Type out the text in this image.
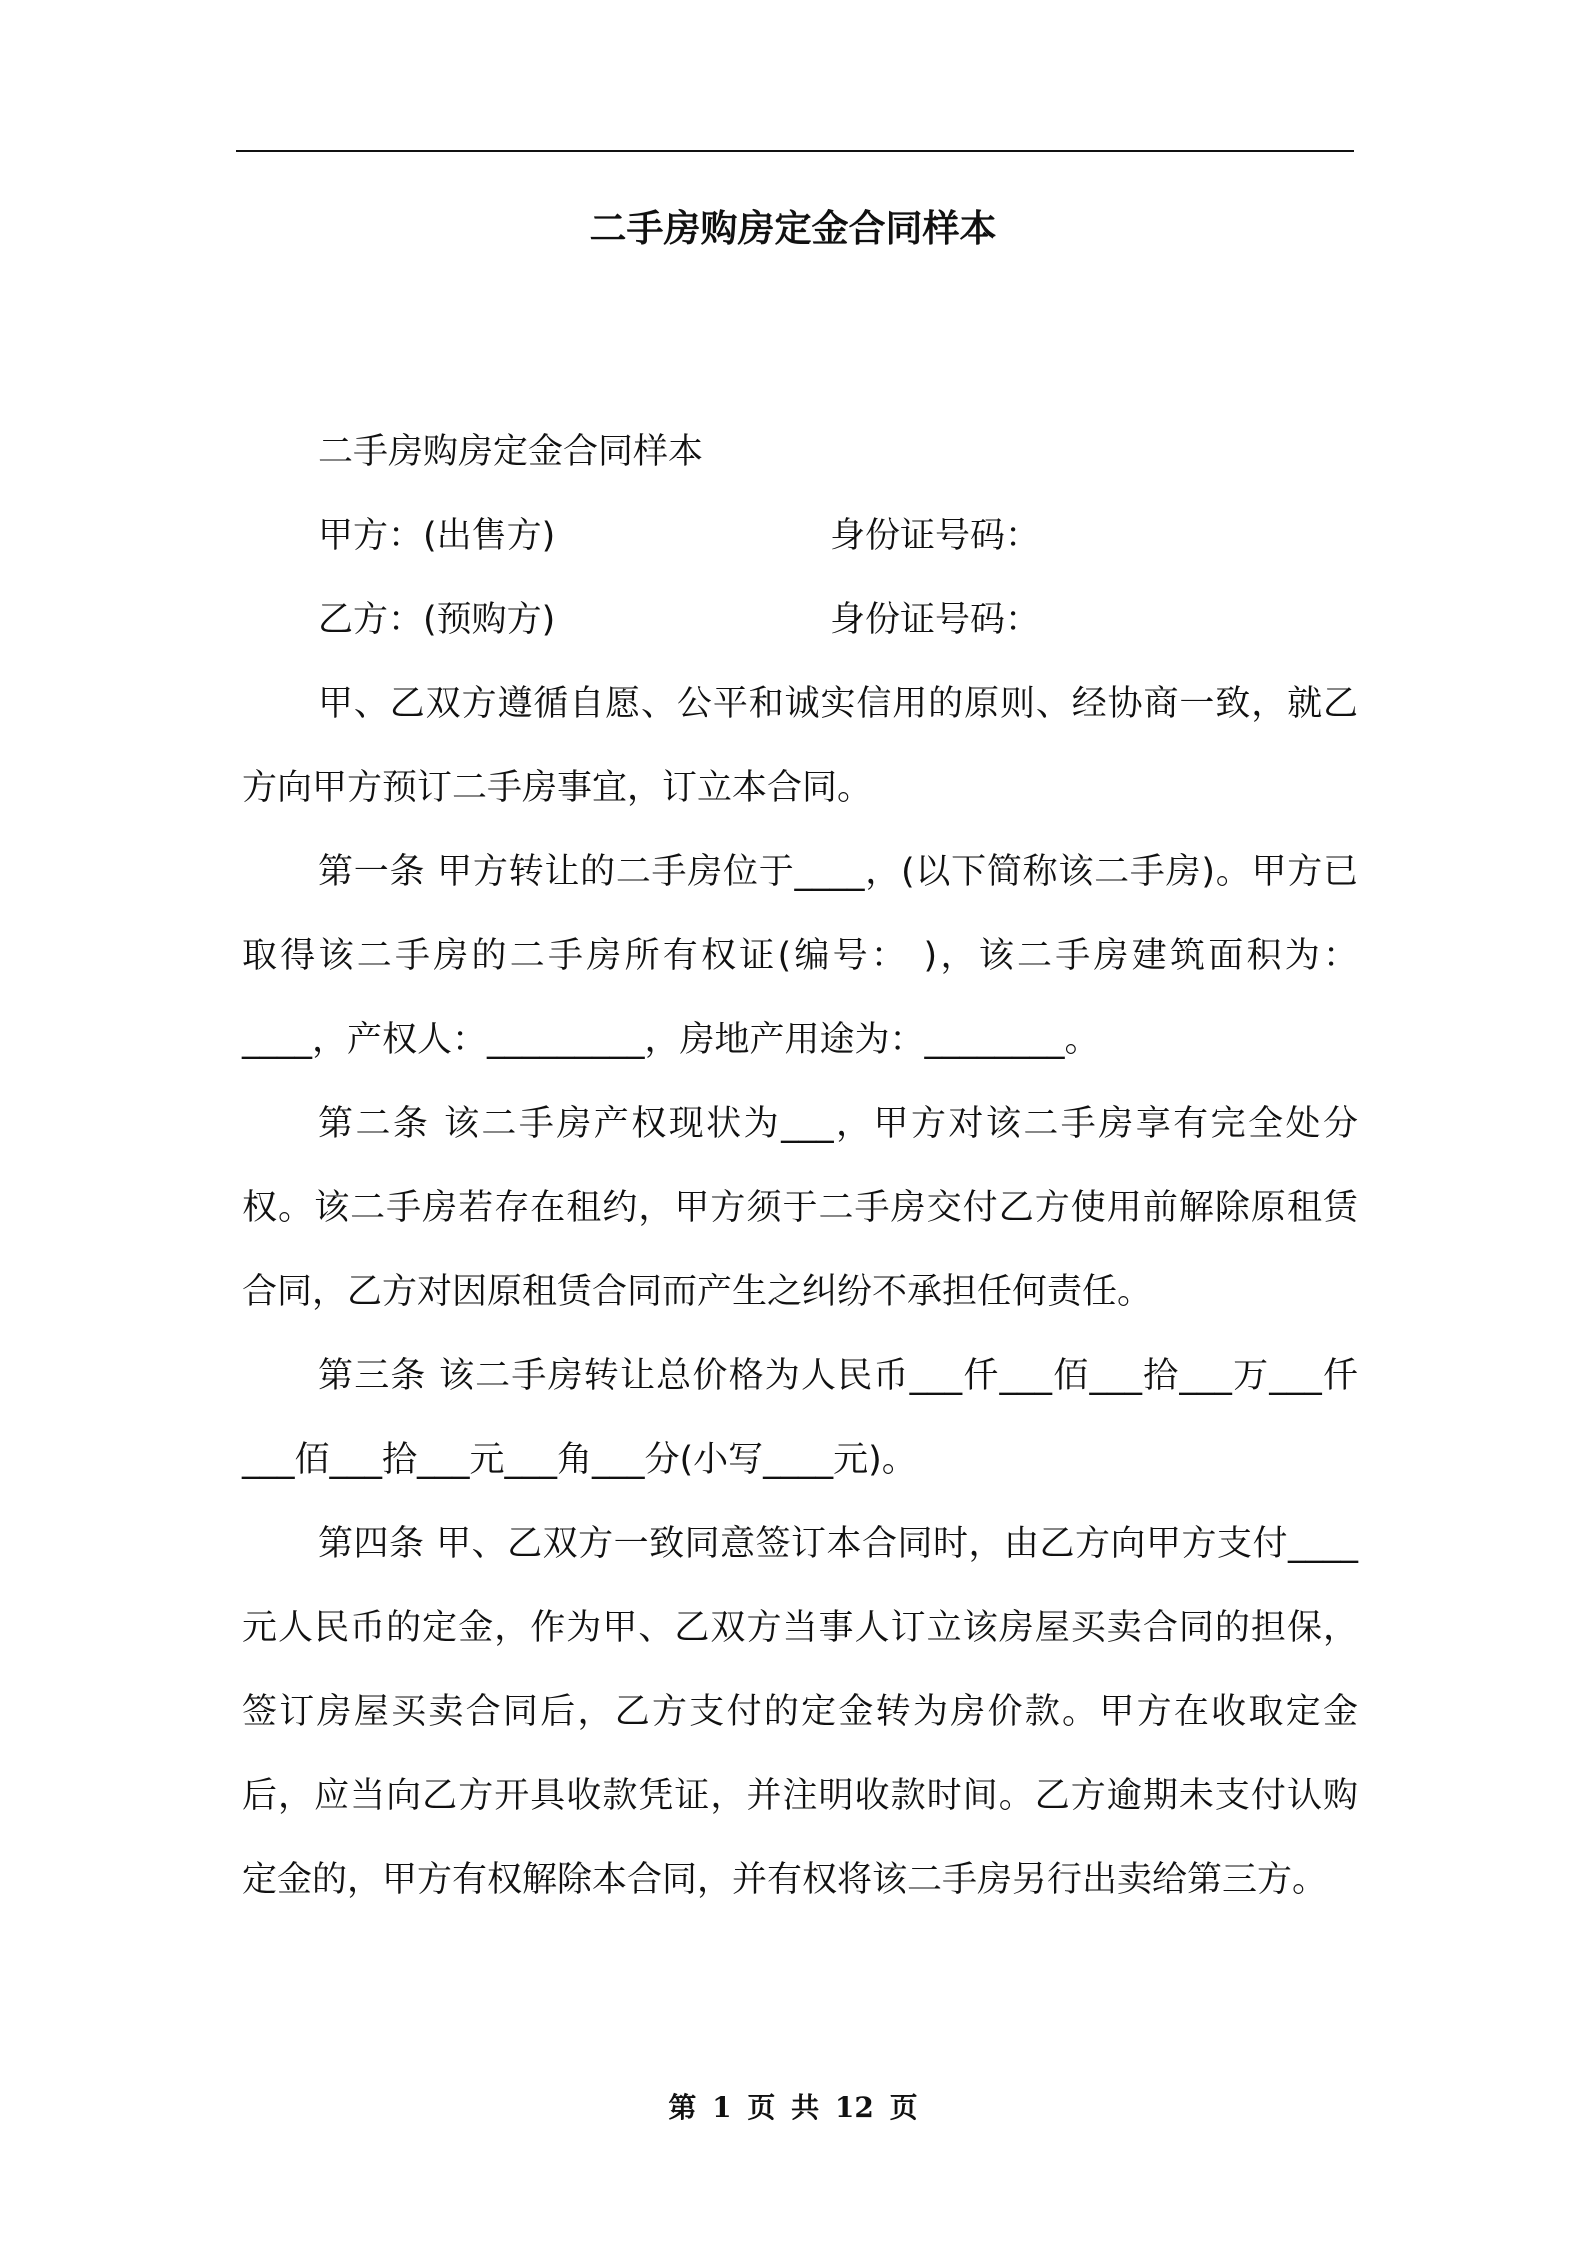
二手房购房定金合同样本

二手房购房定金合同样本

甲方：(出售方)	身份证号码：

乙方：(预购方)	身份证号码：

甲、乙双方遵循自愿、公平和诚实信用的原则、经协商一致，就乙方向甲方预订二手房事宜，订立本合同。

第一条 甲方转让的二手房位于____，(以下简称该二手房)。甲方已取得该二手房的二手房所有权证(编号： )，该二手房建筑面积为：____，产权人：_________，房地产用途为：________。

第二条 该二手房产权现状为___，甲方对该二手房享有完全处分权。该二手房若存在租约，甲方须于二手房交付乙方使用前解除原租赁合同，乙方对因原租赁合同而产生之纠纷不承担任何责任。

第三条 该二手房转让总价格为人民币___仟___佰___拾___万___仟___佰___拾___元___角___分(小写____元)。

第四条 甲、乙双方一致同意签订本合同时，由乙方向甲方支付____元人民币的定金，作为甲、乙双方当事人订立该房屋买卖合同的担保，签订房屋买卖合同后，乙方支付的定金转为房价款。甲方在收取定金后，应当向乙方开具收款凭证，并注明收款时间。乙方逾期未支付认购定金的，甲方有权解除本合同，并有权将该二手房另行出卖给第三方。

第 1 页 共 12 页
